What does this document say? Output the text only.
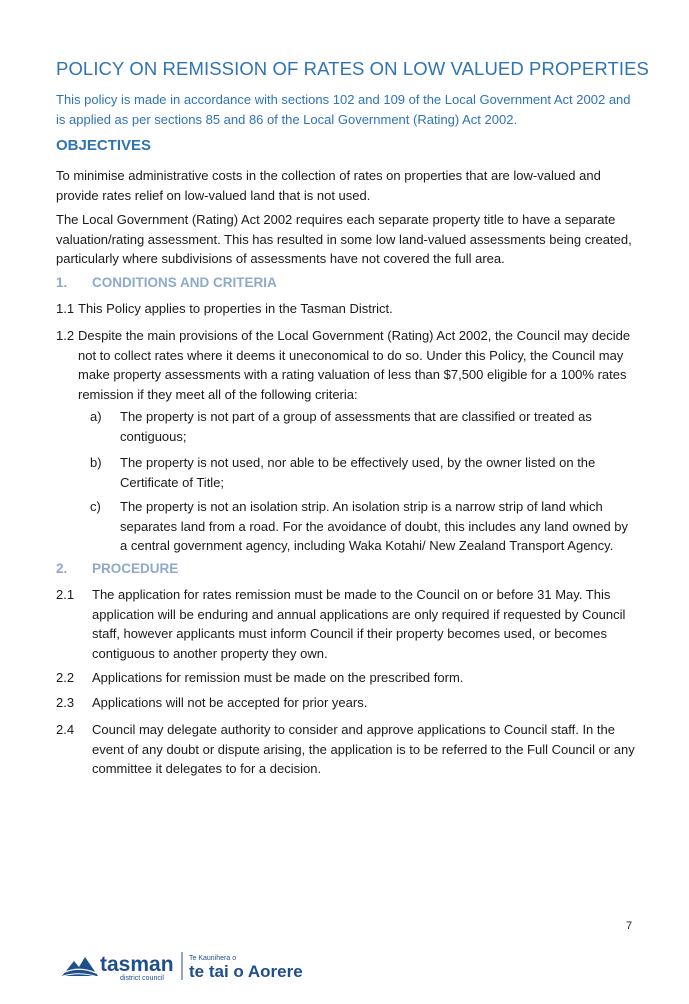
POLICY ON REMISSION OF RATES ON LOW VALUED PROPERTIES

This policy is made in accordance with sections 102 and 109 of the Local Government Act 2002 and is applied as per sections 85 and 86 of the Local Government (Rating) Act 2002.

OBJECTIVES

To minimise administrative costs in the collection of rates on properties that are low-valued and provide rates relief on low-valued land that is not used.

The Local Government (Rating) Act 2002 requires each separate property title to have a separate valuation/rating assessment. This has resulted in some low land-valued assessments being created, particularly where subdivisions of assessments have not covered the full area.

1. CONDITIONS AND CRITERIA
1.1 This Policy applies to properties in the Tasman District.
1.2 Despite the main provisions of the Local Government (Rating) Act 2002, the Council may decide not to collect rates where it deems it uneconomical to do so. Under this Policy, the Council may make property assessments with a rating valuation of less than $7,500 eligible for a 100% rates remission if they meet all of the following criteria:
a)	The property is not part of a group of assessments that are classified or treated as contiguous;
b)	The property is not used, nor able to be effectively used, by the owner listed on the Certificate of Title;
c)	The property is not an isolation strip. An isolation strip is a narrow strip of land which separates land from a road. For the avoidance of doubt, this includes any land owned by a central government agency, including Waka Kotahi/ New Zealand Transport Agency.
2. PROCEDURE
2.1	The application for rates remission must be made to the Council on or before 31 May. This application will be enduring and annual applications are only required if requested by Council staff, however applicants must inform Council if their property becomes used, or becomes contiguous to another property they own.
2.2	Applications for remission must be made on the prescribed form.
2.3	Applications will not be accepted for prior years.
2.4	Council may delegate authority to consider and approve applications to Council staff. In the event of any doubt or dispute arising, the application is to be referred to the Full Council or any committee it delegates to for a decision.
7
tasman
district council
Te Kaunihera o
te tai o Aorere
